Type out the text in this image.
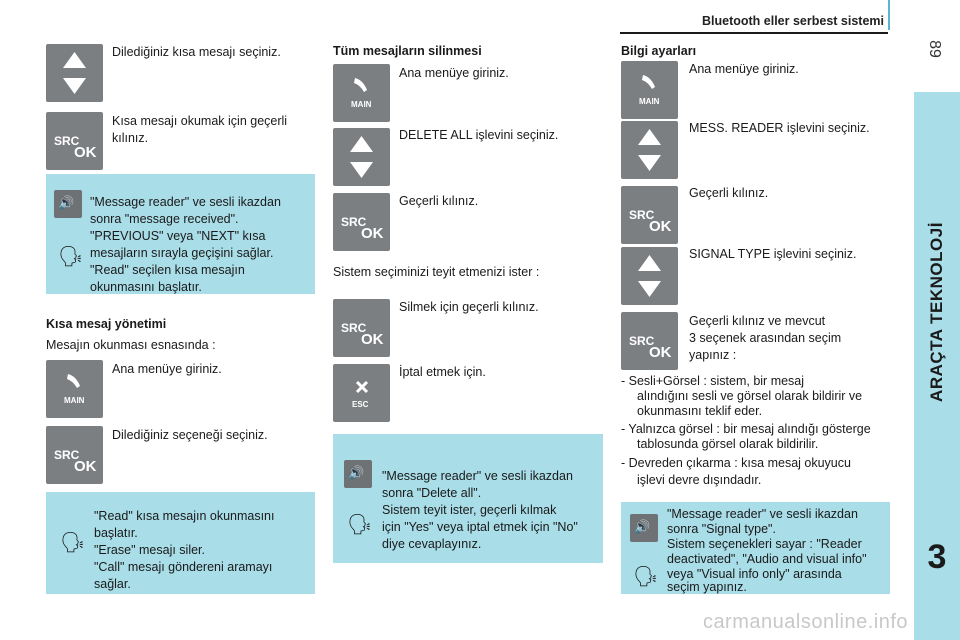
Bluetooth eller serbest sistemi
89
ARAÇTA TEKNOLOJİ
3
Dilediğiniz kısa mesajı seçiniz.
SRC
OK
Kısa mesajı okumak için geçerli
kılınız.
🔊
🗣
"Message reader" ve sesli ikazdan
sonra "message received".
"PREVIOUS" veya "NEXT" kısa
mesajların sırayla geçişini sağlar.
"Read" seçilen kısa mesajın
okunmasını başlatır.
Kısa mesaj yönetimi
Mesajın okunması esnasında :
MAIN
Ana menüye giriniz.
SRC
OK
Dilediğiniz seçeneği seçiniz.
🗣
"Read" kısa mesajın okunmasını
başlatır.
"Erase" mesajı siler.
"Call" mesajı göndereni aramayı
sağlar.
Tüm mesajların silinmesi
MAIN
Ana menüye giriniz.
DELETE ALL işlevini seçiniz.
SRC
OK
Geçerli kılınız.
Sistem seçiminizi teyit etmenizi ister :
SRC
OK
Silmek için geçerli kılınız.
ESC
İptal etmek için.
🔊
🗣
"Message reader" ve sesli ikazdan
sonra "Delete all".
Sistem teyit ister, geçerli kılmak
için "Yes" veya iptal etmek için "No"
diye cevaplayınız.
Bilgi ayarları
MAIN
Ana menüye giriniz.
MESS. READER işlevini seçiniz.
SRC
OK
Geçerli kılınız.
SIGNAL TYPE işlevini seçiniz.
SRC
OK
Geçerli kılınız ve mevcut
3 seçenek arasından seçim
yapınız :
- Sesli+Görsel : sistem, bir mesaj
alındığını sesli ve görsel olarak bildirir ve
okunmasını teklif eder.
- Yalnızca görsel : bir mesaj alındığı gösterge
tablosunda görsel olarak bildirilir.
- Devreden çıkarma : kısa mesaj okuyucu
işlevi devre dışındadır.
🔊
🗣
"Message reader" ve sesli ikazdan
sonra "Signal type".
Sistem seçenekleri sayar : "Reader
deactivated", "Audio and visual info"
veya "Visual info only" arasında
seçim yapınız.
carmanualsonline.info
